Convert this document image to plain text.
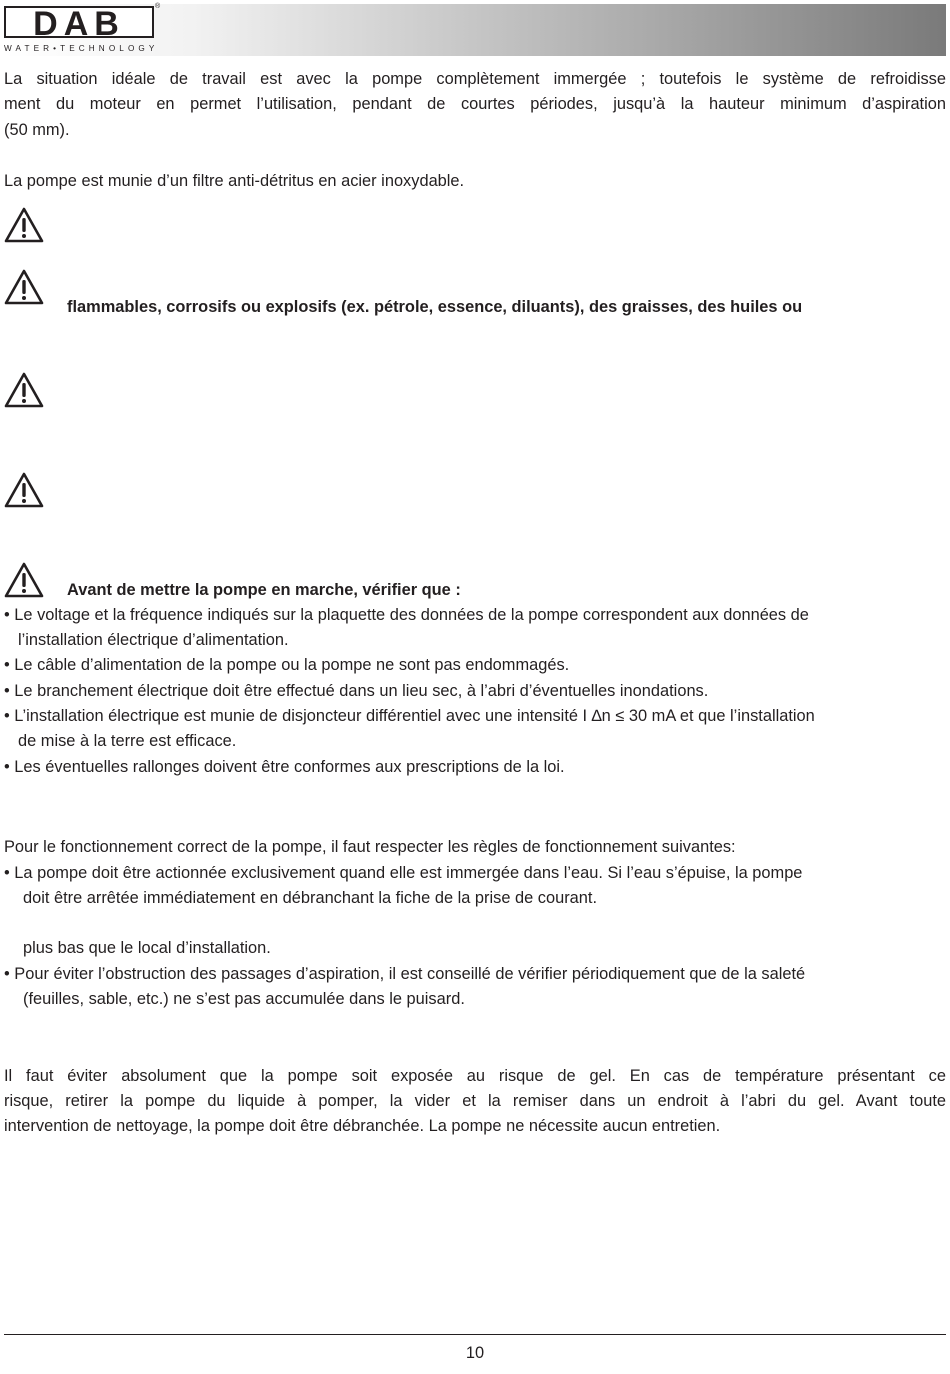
DAB	®
WATER•TECHNOLOGY
La situation idéale de travail est avec la pompe complètement immergée ; toutefois le système de refroidisse
ment du moteur en permet l’utilisation, pendant de courtes périodes, jusqu’à la hauteur minimum d’aspiration
(50 mm).
La pompe est munie d’un filtre anti-détritus en acier inoxydable.
flammables, corrosifs ou explosifs (ex. pétrole, essence, diluants), des graisses, des huiles ou
Avant de mettre la pompe en marche, vérifier que :
• Le voltage et la fréquence indiqués sur la plaquette des données de la pompe correspondent aux données de
l’installation électrique d’alimentation.
• Le câble d’alimentation de la pompe ou la pompe ne sont pas endommagés.
• Le branchement électrique doit être effectué dans un lieu sec, à l’abri d’éventuelles inondations.
• L’installation électrique est munie de disjoncteur différentiel avec une intensité I ∆n ≤ 30 mA et que l’installation
de mise à la terre est efficace.
• Les éventuelles rallonges doivent être conformes aux prescriptions de la loi.
Pour le fonctionnement correct de la pompe, il faut respecter les règles de fonctionnement suivantes:
• La pompe doit être actionnée exclusivement quand elle est immergée dans l’eau. Si l’eau s’épuise, la pompe
doit être arrêtée immédiatement en débranchant la fiche de la prise de courant.
plus bas que le local d’installation.
• Pour éviter l’obstruction des passages d’aspiration, il est conseillé de vérifier périodiquement que de la saleté
(feuilles, sable, etc.) ne s’est pas accumulée dans le puisard.
Il faut éviter absolument que la pompe soit exposée au risque de gel. En cas de température présentant ce
risque, retirer la pompe du liquide à pomper, la vider et la remiser dans un endroit à l’abri du gel. Avant toute
intervention de nettoyage, la pompe doit être débranchée. La pompe ne nécessite aucun entretien.
10
